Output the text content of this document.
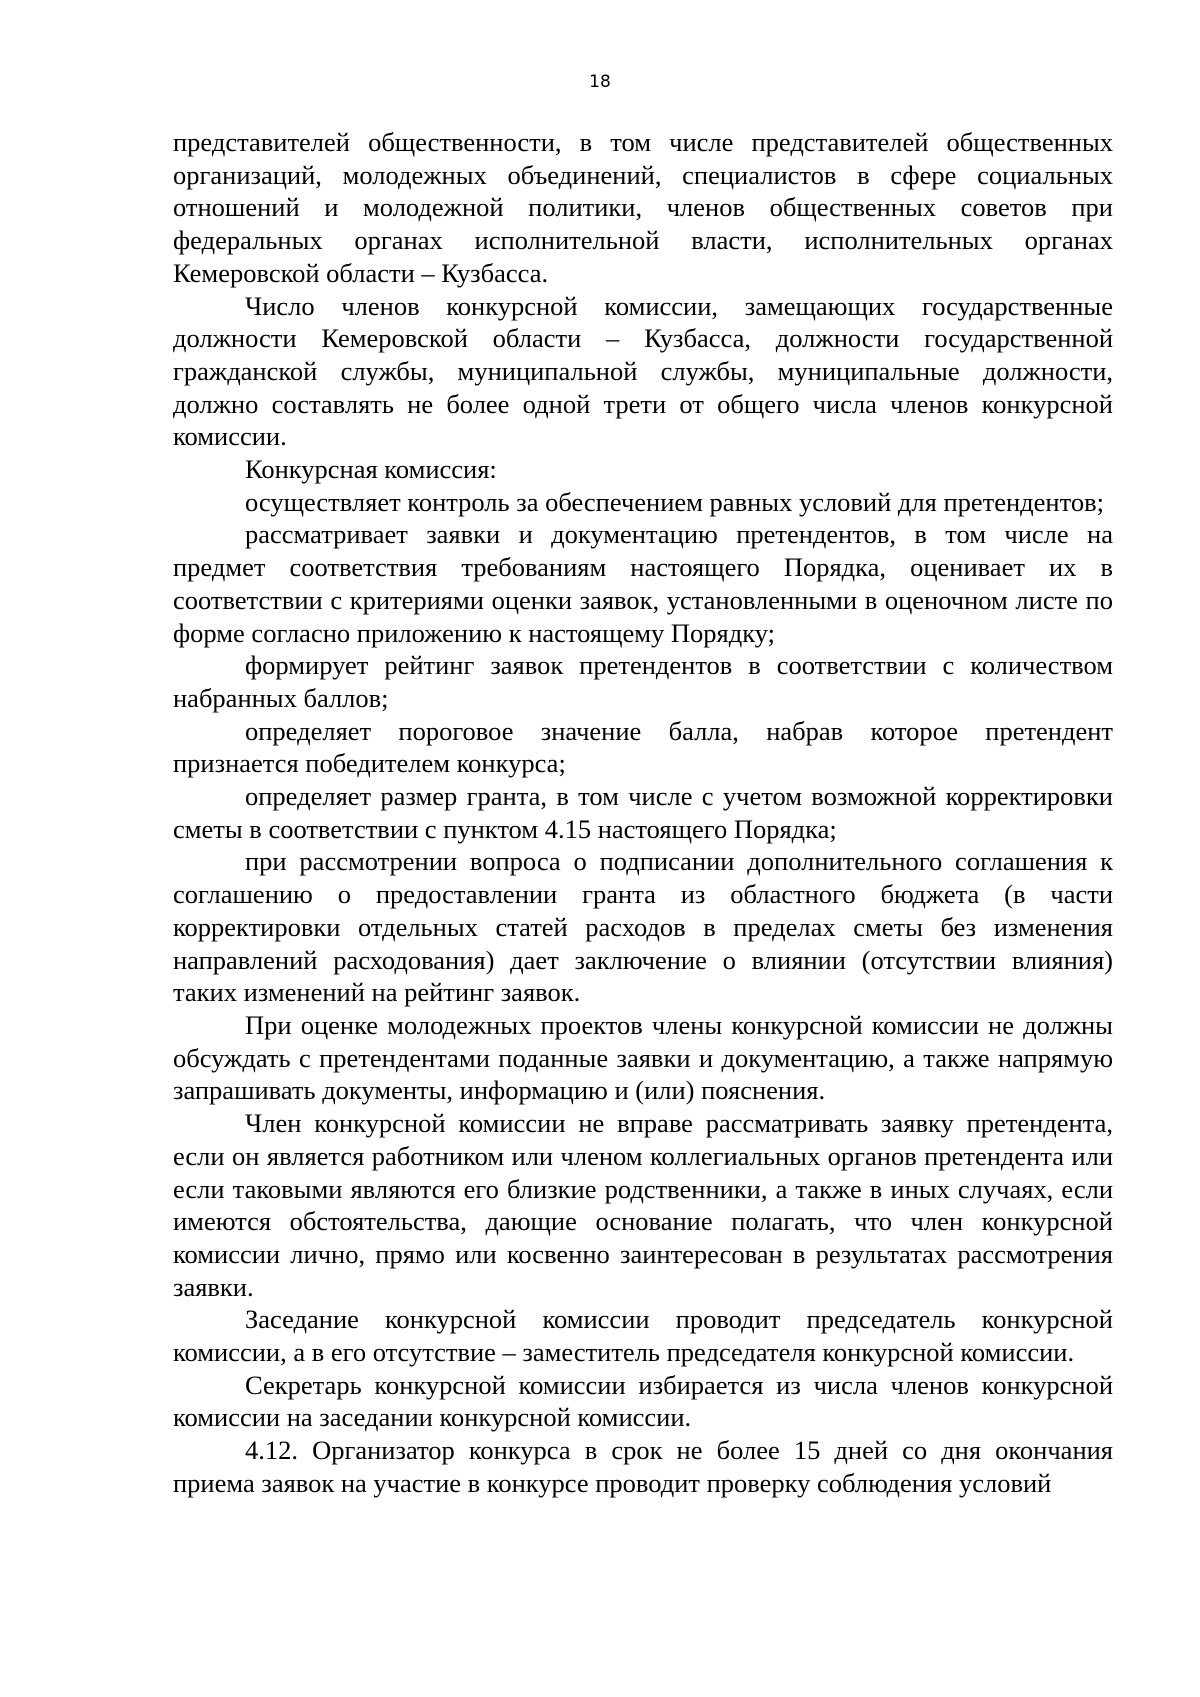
18

представителей общественности, в том числе представителей общественных организаций, молодежных объединений, специалистов в сфере социальных отношений и молодежной политики, членов общественных советов при федеральных органах исполнительной власти, исполнительных органах Кемеровской области – Кузбасса.

Число членов конкурсной комиссии, замещающих государственные должности Кемеровской области – Кузбасса, должности государственной гражданской службы, муниципальной службы, муниципальные должности, должно составлять не более одной трети от общего числа членов конкурсной комиссии.

Конкурсная комиссия:

осуществляет контроль за обеспечением равных условий для претендентов;

рассматривает заявки и документацию претендентов, в том числе на предмет соответствия требованиям настоящего Порядка, оценивает их в соответствии с критериями оценки заявок, установленными в оценочном листе по форме согласно приложению к настоящему Порядку;

формирует рейтинг заявок претендентов в соответствии с количеством набранных баллов;

определяет пороговое значение балла, набрав которое претендент признается победителем конкурса;

определяет размер гранта, в том числе с учетом возможной корректировки сметы в соответствии с пунктом 4.15 настоящего Порядка;

при рассмотрении вопроса о подписании дополнительного соглашения к соглашению о предоставлении гранта из областного бюджета (в части корректировки отдельных статей расходов в пределах сметы без изменения направлений расходования) дает заключение о влиянии (отсутствии влияния) таких изменений на рейтинг заявок.

При оценке молодежных проектов члены конкурсной комиссии не должны обсуждать с претендентами поданные заявки и документацию, а также напрямую запрашивать документы, информацию и (или) пояснения.

Член конкурсной комиссии не вправе рассматривать заявку претендента, если он является работником или членом коллегиальных органов претендента или если таковыми являются его близкие родственники, а также в иных случаях, если имеются обстоятельства, дающие основание полагать, что член конкурсной комиссии лично, прямо или косвенно заинтересован в результатах рассмотрения заявки.

Заседание конкурсной комиссии проводит председатель конкурсной комиссии, а в его отсутствие – заместитель председателя конкурсной комиссии.

Секретарь конкурсной комиссии избирается из числа членов конкурсной комиссии на заседании конкурсной комиссии.

4.12. Организатор конкурса в срок не более 15 дней со дня окончания приема заявок на участие в конкурсе проводит проверку соблюдения условий
